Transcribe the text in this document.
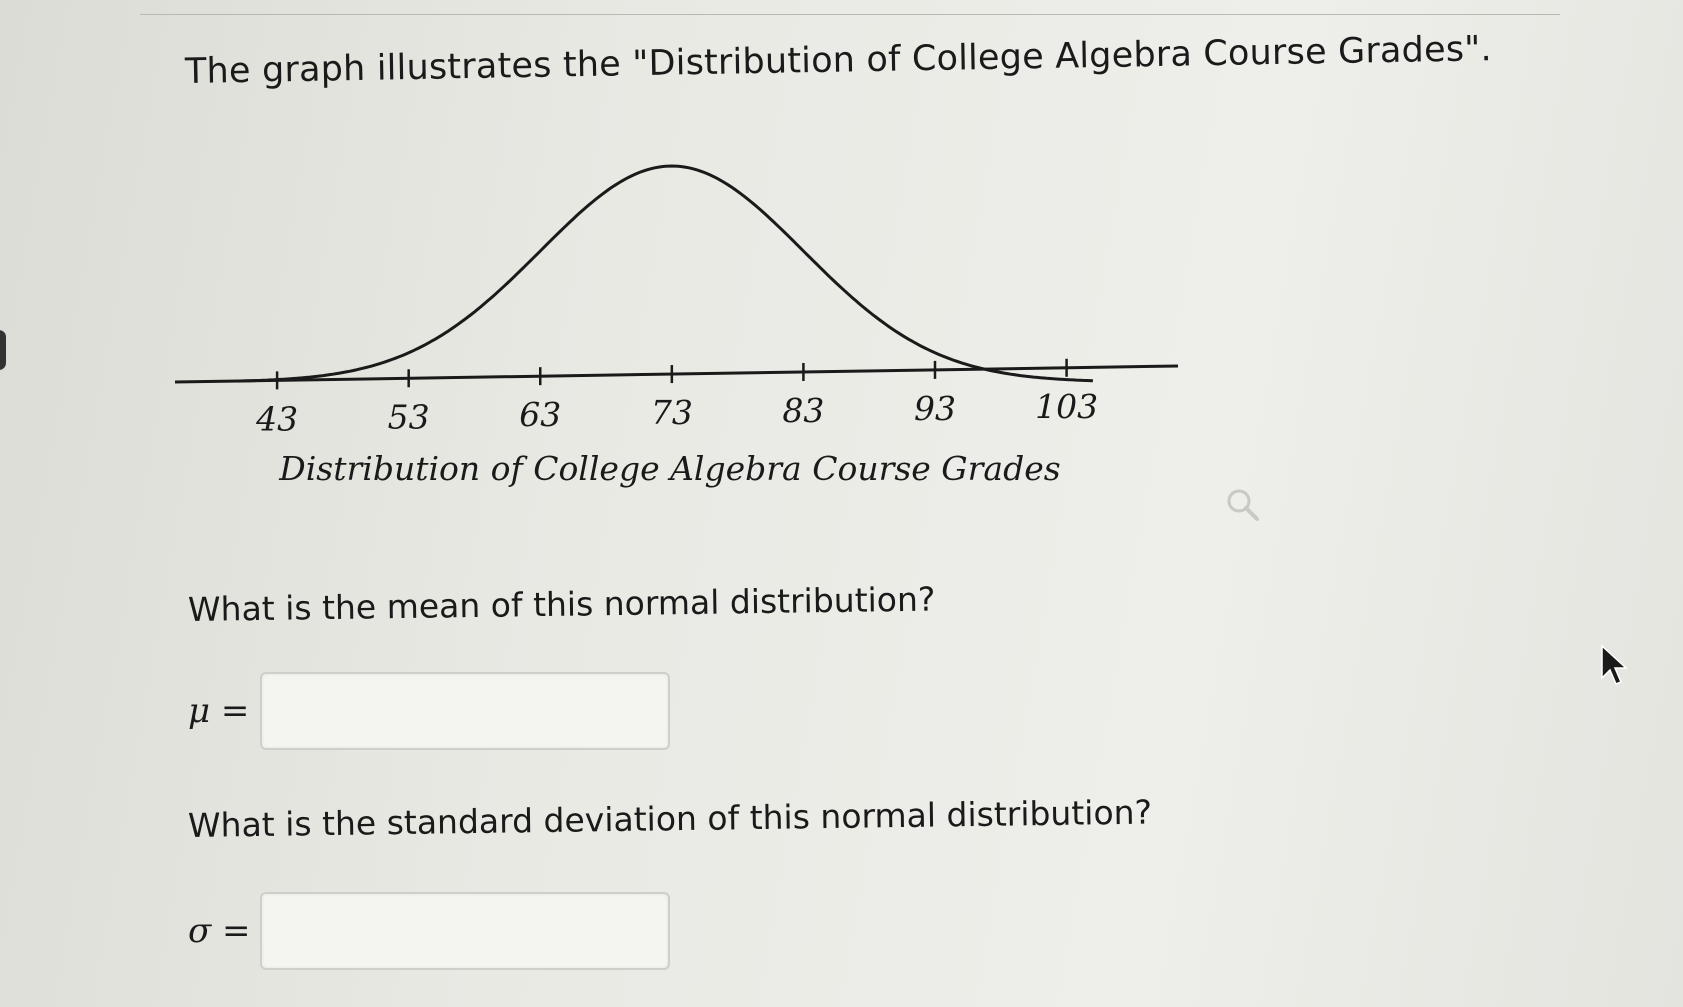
The graph illustrates the "Distribution of College Algebra Course Grades".
43	53	63	73	83	93 103
Distribution of College Algebra Course Grades
What is the mean of this normal distribution?
μ =
What is the standard deviation of this normal distribution?
σ =
